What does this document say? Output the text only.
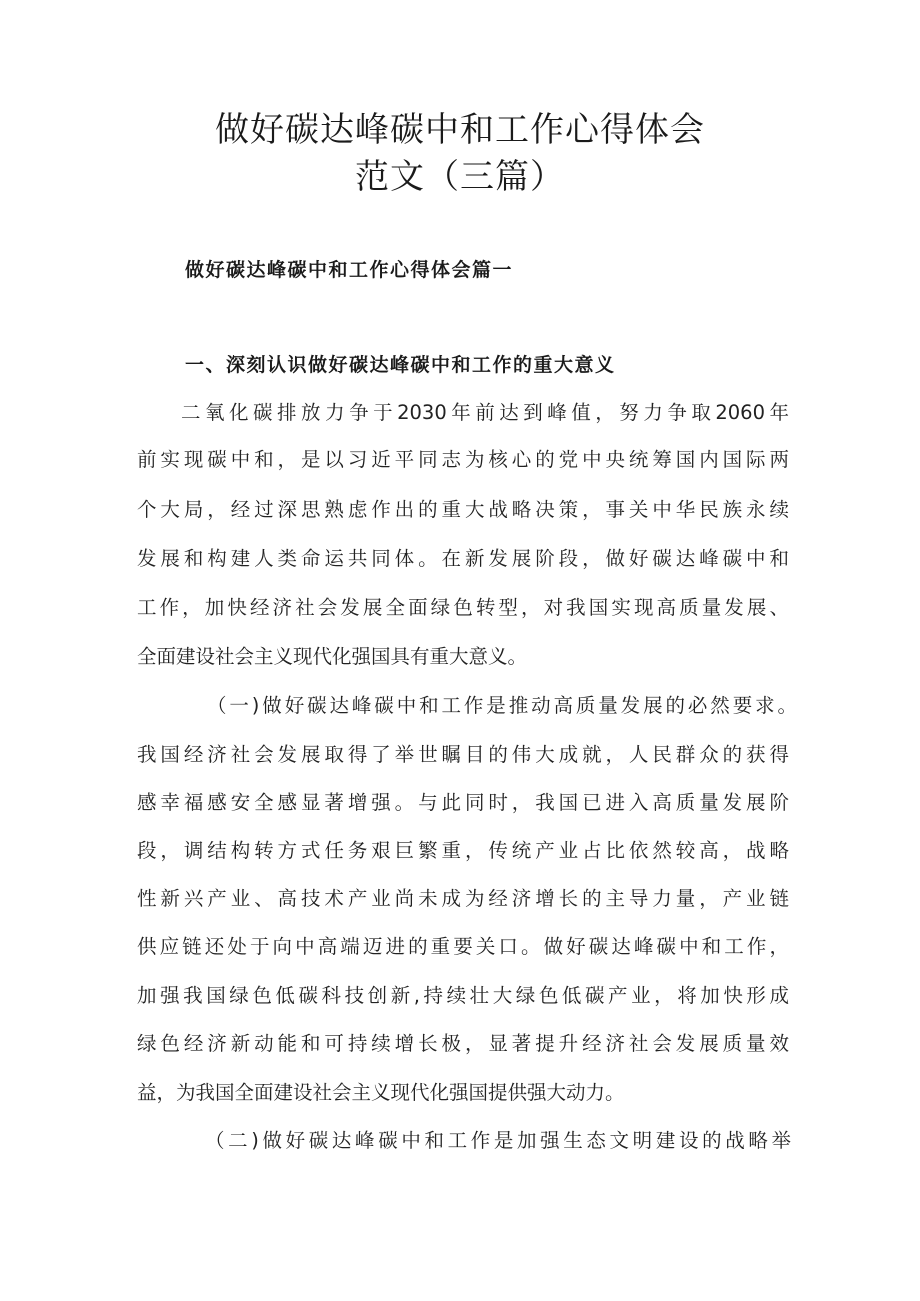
做好碳达峰碳中和工作心得体会
范文（三篇）
做好碳达峰碳中和工作心得体会篇一
一、深刻认识做好碳达峰碳中和工作的重大意义

二氧化碳排放力争于2030年前达到峰值，努力争取2060年

前实现碳中和，是以习近平同志为核心的党中央统筹国内国际两

个大局，经过深思熟虑作出的重大战略决策，事关中华民族永续

发展和构建人类命运共同体。在新发展阶段，做好碳达峰碳中和

工作，加快经济社会发展全面绿色转型，对我国实现高质量发展、

全面建设社会主义现代化强国具有重大意义。

（一)做好碳达峰碳中和工作是推动高质量发展的必然要求。

我国经济社会发展取得了举世瞩目的伟大成就，人民群众的获得

感幸福感安全感显著增强。与此同时，我国已进入高质量发展阶

段，调结构转方式任务艰巨繁重，传统产业占比依然较高，战略

性新兴产业、高技术产业尚未成为经济增长的主导力量，产业链

供应链还处于向中高端迈进的重要关口。做好碳达峰碳中和工作，

加强我国绿色低碳科技创新,持续壮大绿色低碳产业，将加快形成

绿色经济新动能和可持续增长极，显著提升经济社会发展质量效

益，为我国全面建设社会主义现代化强国提供强大动力。

（二)做好碳达峰碳中和工作是加强生态文明建设的战略举
